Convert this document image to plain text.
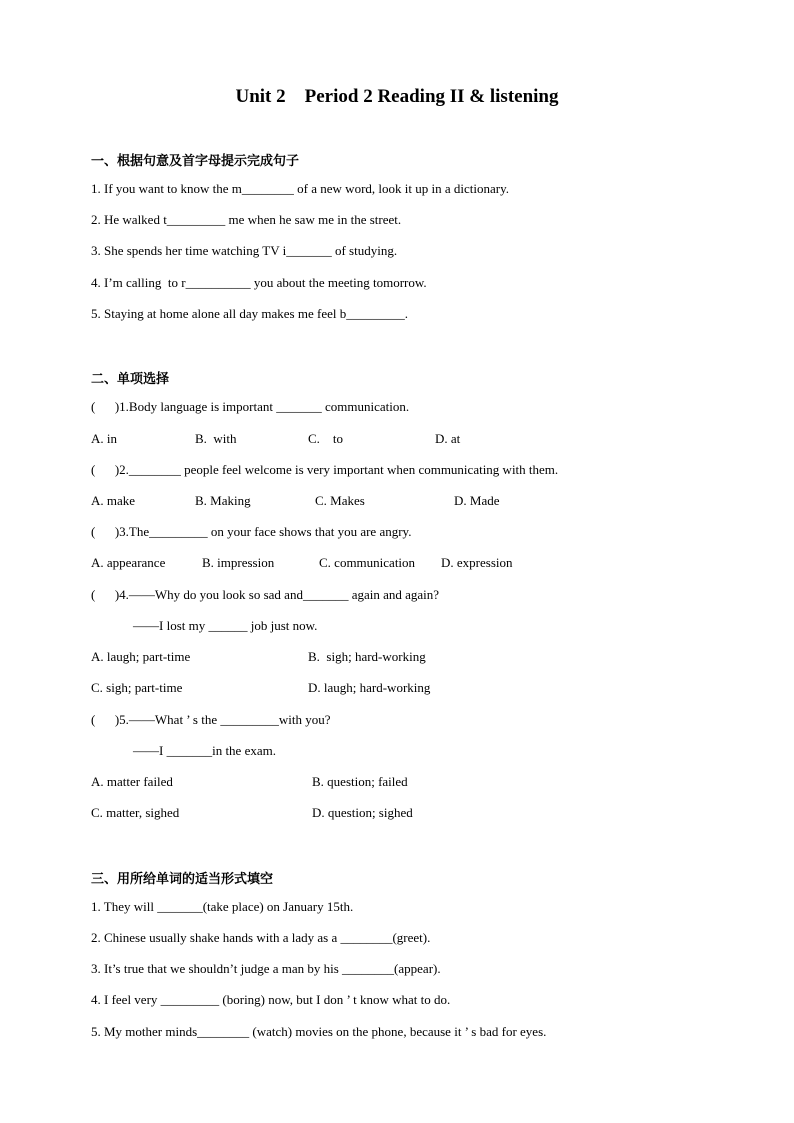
Unit 2    Period 2 Reading II & listening
一、根据句意及首字母提示完成句子
1. If you want to know the m________ of a new word, look it up in a dictionary.
2. He walked t_________ me when he saw me in the street.
3. She spends her time watching TV i_______ of studying.
4. I’m calling  to r__________ you about the meeting tomorrow.
5. Staying at home alone all day makes me feel b_________.
二、单项选择
(      )1.Body language is important _______ communication.
A. in	B.  with	C.    to	D. at
(      )2.________ people feel welcome is very important when communicating with them.
A. make	B. Making	C. Makes	D. Made
(      )3.The_________ on your face shows that you are angry.
A. appearance	B. impression	C. communication D. expression
(      )4.——Why do you look so sad and_______ again and again?
——I lost my ______ job just now.
A. laugh; part-time	B.  sigh; hard-working
C. sigh; part-time	D. laugh; hard-working
(      )5.——What ’ s the _________with you?
——I _______in the exam.
A. matter failed	B. question; failed
C. matter, sighed	D. question; sighed
三、用所给单词的适当形式填空
1. They will _______(take place) on January 15th.
2. Chinese usually shake hands with a lady as a ________(greet).
3. It’s true that we shouldn’t judge a man by his ________(appear).
4. I feel very _________ (boring) now, but I don ’ t know what to do.
5. My mother minds________ (watch) movies on the phone, because it ’ s bad for eyes.
